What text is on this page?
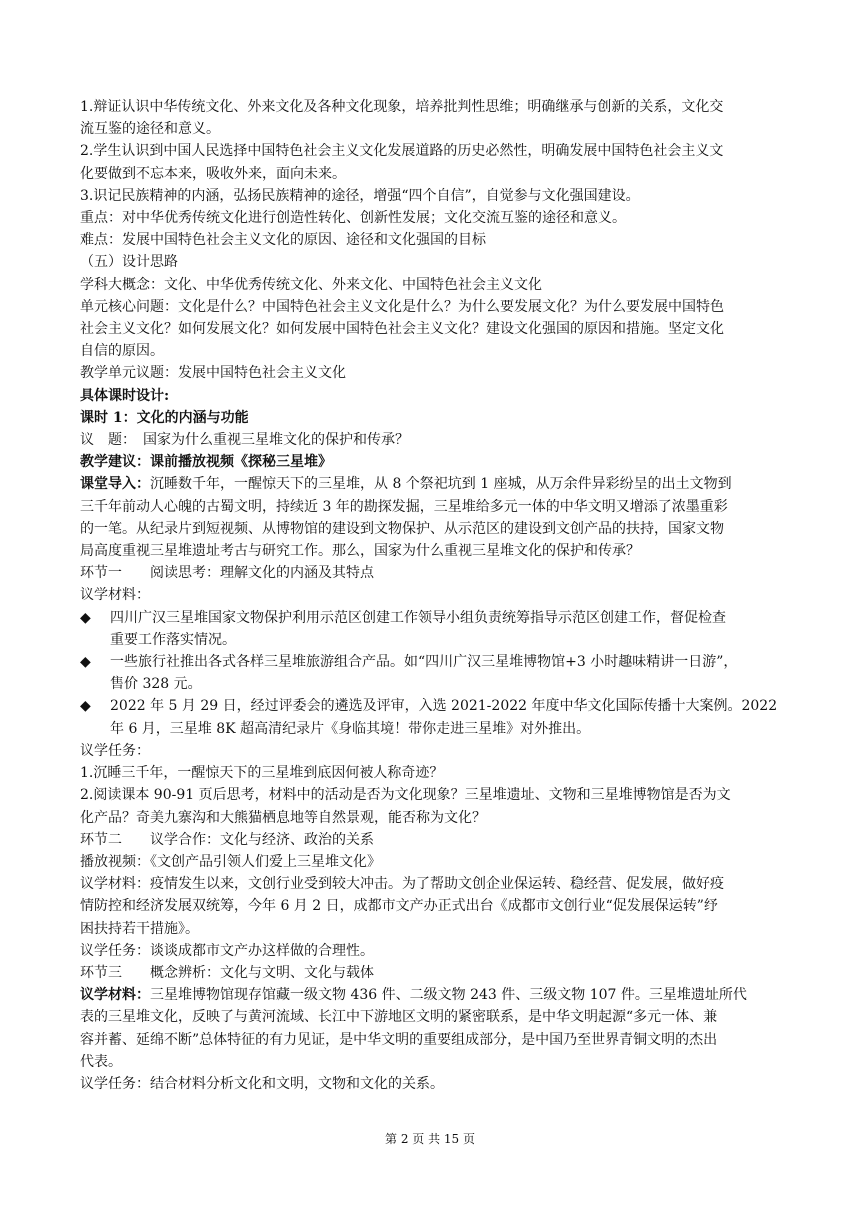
1.辩证认识中华传统文化、外来文化及各种文化现象，培养批判性思维；明确继承与创新的关系，文化交
流互鉴的途径和意义。
2.学生认识到中国人民选择中国特色社会主义文化发展道路的历史必然性，明确发展中国特色社会主义文
化要做到不忘本来，吸收外来，面向未来。
3.识记民族精神的内涵，弘扬民族精神的途径，增强“四个自信”，自觉参与文化强国建设。
重点：对中华优秀传统文化进行创造性转化、创新性发展；文化交流互鉴的途径和意义。
难点：发展中国特色社会主义文化的原因、途径和文化强国的目标
（五）设计思路
学科大概念：文化、中华优秀传统文化、外来文化、中国特色社会主义文化
单元核心问题：文化是什么？中国特色社会主义文化是什么？为什么要发展文化？为什么要发展中国特色
社会主义文化？如何发展文化？如何发展中国特色社会主义文化？建设文化强国的原因和措施。坚定文化
自信的原因。
教学单元议题：发展中国特色社会主义文化
具体课时设计:
课时 1：文化的内涵与功能
议　题：　国家为什么重视三星堆文化的保护和传承？
教学建议：课前播放视频《探秘三星堆》
课堂导入：沉睡数千年，一醒惊天下的三星堆，从 8 个祭祀坑到 1 座城，从万余件异彩纷呈的出土文物到
三千年前动人心魄的古蜀文明，持续近 3 年的勘探发掘，三星堆给多元一体的中华文明又增添了浓墨重彩
的一笔。从纪录片到短视频、从博物馆的建设到文物保护、从示范区的建设到文创产品的扶持，国家文物
局高度重视三星堆遗址考古与研究工作。那么，国家为什么重视三星堆文化的保护和传承？
环节一　　阅读思考：理解文化的内涵及其特点
议学材料：
◆	四川广汉三星堆国家文物保护利用示范区创建工作领导小组负责统筹指导示范区创建工作，督促检查
重要工作落实情况。
◆	一些旅行社推出各式各样三星堆旅游组合产品。如“四川广汉三星堆博物馆+3 小时趣味精讲一日游”，
售价 328 元。
◆	2022 年 5 月 29 日，经过评委会的遴选及评审，入选 2021-2022 年度中华文化国际传播十大案例。2022
年 6 月，三星堆 8K 超高清纪录片《身临其境！带你走进三星堆》对外推出。
议学任务：
1.沉睡三千年，一醒惊天下的三星堆到底因何被人称奇迹？
2.阅读课本 90-91 页后思考，材料中的活动是否为文化现象？三星堆遗址、文物和三星堆博物馆是否为文
化产品？奇美九寨沟和大熊猫栖息地等自然景观，能否称为文化？
环节二　　议学合作：文化与经济、政治的关系
播放视频：《文创产品引领人们爱上三星堆文化》
议学材料：疫情发生以来，文创行业受到较大冲击。为了帮助文创企业保运转、稳经营、促发展，做好疫
情防控和经济发展双统筹，今年 6 月 2 日，成都市文产办正式出台《成都市文创行业“促发展保运转”纾
困扶持若干措施》。
议学任务：谈谈成都市文产办这样做的合理性。
环节三　　概念辨析：文化与文明、文化与载体
议学材料：三星堆博物馆现存馆藏一级文物 436 件、二级文物 243 件、三级文物 107 件。三星堆遗址所代
表的三星堆文化，反映了与黄河流域、长江中下游地区文明的紧密联系，是中华文明起源“多元一体、兼
容并蓄、延绵不断”总体特征的有力见证，是中华文明的重要组成部分，是中国乃至世界青铜文明的杰出
代表。
议学任务：结合材料分析文化和文明，文物和文化的关系。
第 2 页 共 15 页
